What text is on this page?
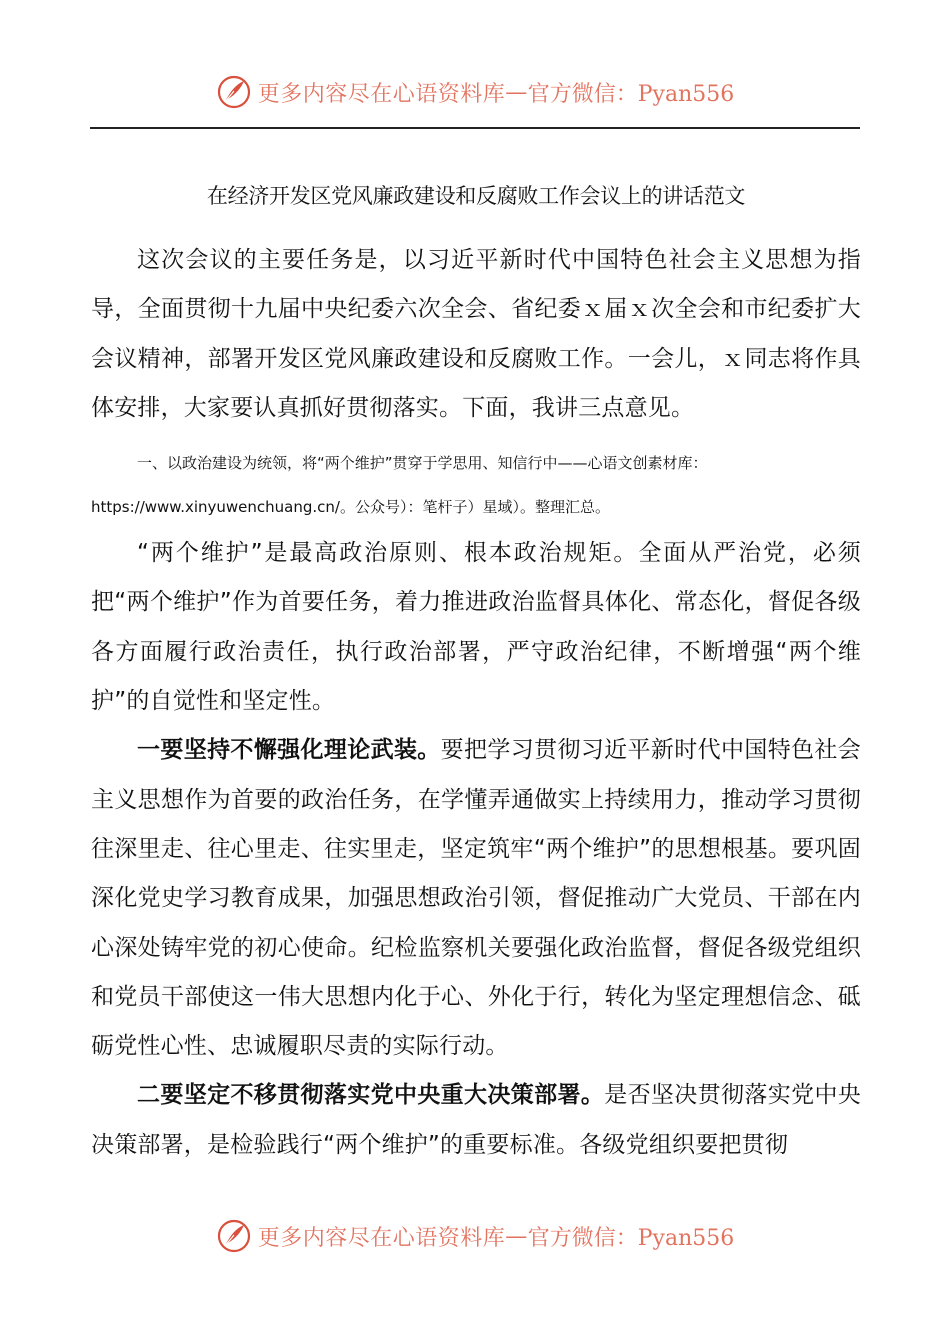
更多内容尽在心语资料库 — 官方微信：Pyan556
在经济开发区党风廉政建设和反腐败工作会议上的讲话范文

这次会议的主要任务是，以习近平新时代中国特色社会主义思想为指导，全面贯彻十九届中央纪委六次全会、省纪委ｘ届ｘ次全会和市纪委扩大会议精神，部署开发区党风廉政建设和反腐败工作。一会儿，ｘ同志将作具体安排，大家要认真抓好贯彻落实。下面，我讲三点意见。

一、以政治建设为统领，将“两个维护”贯穿于学思用、知信行中——心语文创素材库：

https://www.xinyuwenchuang.cn/。公众号）：笔杆子）星域）。整理汇总。

“两个维护”是最高政治原则、根本政治规矩。全面从严治党，必须把“两个维护”作为首要任务，着力推进政治监督具体化、常态化，督促各级各方面履行政治责任，执行政治部署，严守政治纪律，不断增强“两个维护”的自觉性和坚定性。

一要坚持不懈强化理论武装。要把学习贯彻习近平新时代中国特色社会主义思想作为首要的政治任务，在学懂弄通做实上持续用力，推动学习贯彻往深里走、往心里走、往实里走，坚定筑牢“两个维护”的思想根基。要巩固深化党史学习教育成果，加强思想政治引领，督促推动广大党员、干部在内心深处铸牢党的初心使命。纪检监察机关要强化政治监督，督促各级党组织和党员干部使这一伟大思想内化于心、外化于行，转化为坚定理想信念、砥砺党性心性、忠诚履职尽责的实际行动。

二要坚定不移贯彻落实党中央重大决策部署。是否坚决贯彻落实党中央决策部署，是检验践行“两个维护”的重要标准。各级党组织要把贯彻

更多内容尽在心语资料库 — 官方微信：Pyan556
